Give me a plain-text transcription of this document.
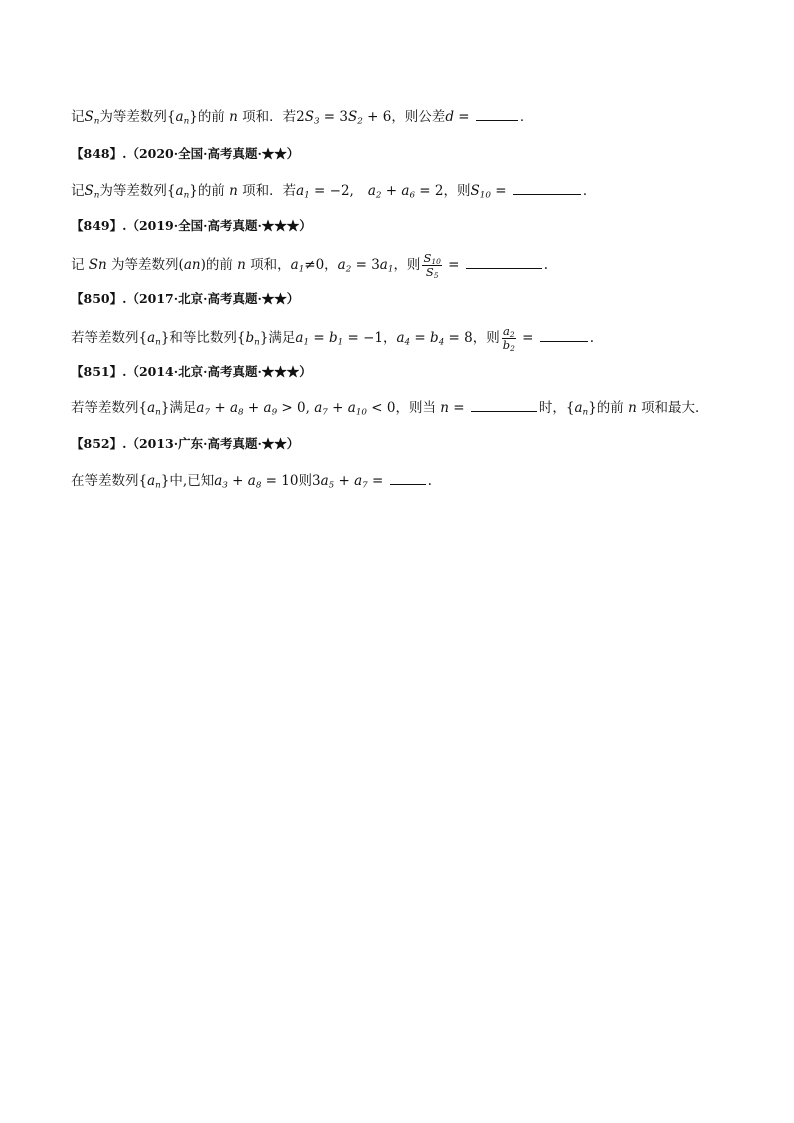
记$S_n$为等差数列$\{a_n\}$的前 n 项和．若$2S_3 = 3S_2 + 6$，则公差d =	．
【848】.（2020·全国·高考真题·★★）
记$S_n$为等差数列$\{a_n\}$的前 n 项和．若$a_1 = -2$, $a_2 + a_6 = 2$，则$S_{10}$ =	．
【849】.（2019·全国·高考真题·★★★）
记 Sn 为等差数列(an)的前 n 项和，$a_1\ne 0$，$a_2 = 3a_1$，则 $\frac{S_{10}}{S_5}$ =	.
【850】.（2017·北京·高考真题·★★）
若等差数列$\{a_n\}$和等比数列$\{b_n\}$满足$a_1 = b_1 = -1$，$a_4 = b_4 = 8$，则 $\frac{a_2}{b_2}$ =	.
【851】.（2014·北京·高考真题·★★★）
若等差数列$\{a_n\}$满足$a_7 + a_8 + a_9 > 0$, $a_7 + a_{10} < 0$，则当 n =	时，$\{a_n\}$的前 n 项和最大．
【852】.（2013·广东·高考真题·★★）
在等差数列$\{a_n\}$中,已知$a_3 + a_8 = 10$则$3a_5 + a_7$ =	.
